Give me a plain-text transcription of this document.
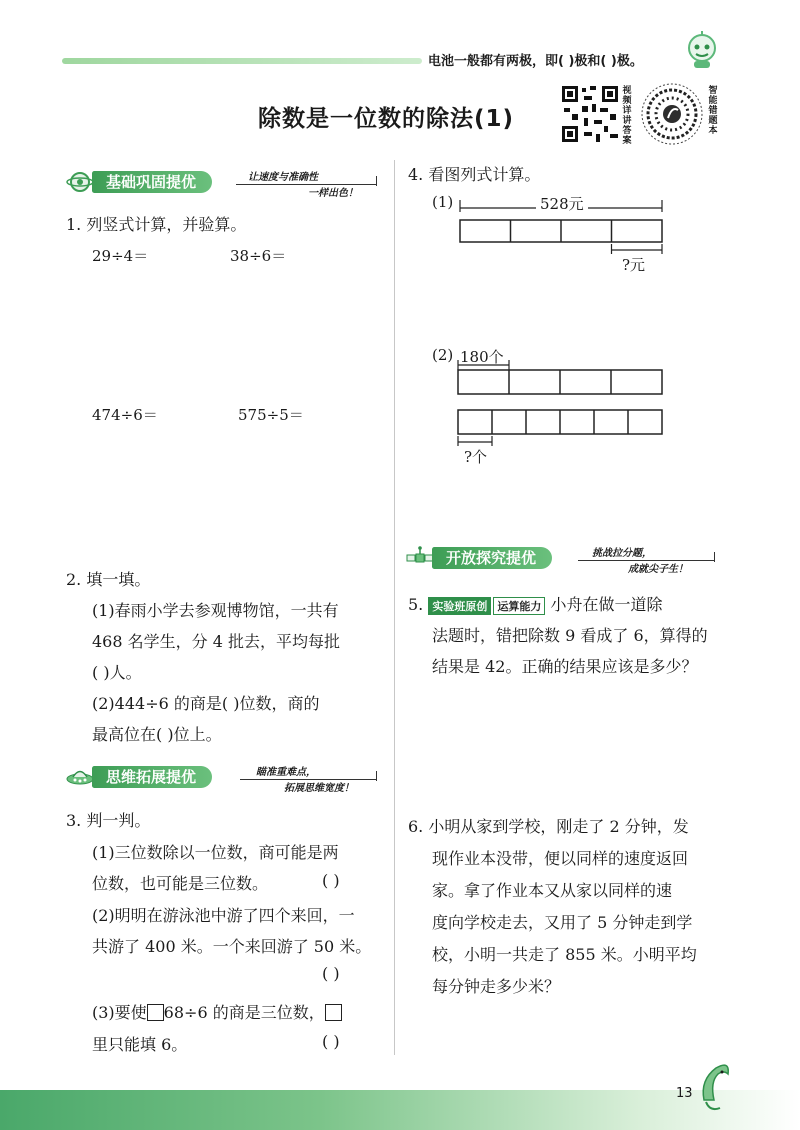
电池一般都有两极，即( )极和( )极。
除数是一位数的除法(1)
视频详讲答案
智能错题本
基础巩固提优	让速度与准确性
一样出色！
1. 列竖式计算，并验算。
29÷4＝	38÷6＝
474÷6＝	575÷5＝
2. 填一填。
(1)春雨小学去参观博物馆，一共有
468 名学生，分 4 批去，平均每批
( )人。
(2)444÷6 的商是( )位数，商的
最高位在( )位上。
思维拓展提优	瞄准重难点，
拓展思维宽度！
3. 判一判。
(1)三位数除以一位数，商可能是两
位数，也可能是三位数。	( )
(2)明明在游泳池中游了四个来回，一
共游了 400 米。一个来回游了 50 米。
( )
(3)要使 68÷6 的商是三位数，
里只能填 6。	( )
4. 看图列式计算。
(1)	528元
?元
(2) 180个
?个
开放探究提优	挑战拉分题，
成就尖子生！
5. 实验班原创 运算能力 小舟在做一道除
法题时，错把除数 9 看成了 6，算得的
结果是 42。正确的结果应该是多少？
6. 小明从家到学校，刚走了 2 分钟，发
现作业本没带，便以同样的速度返回
家。拿了作业本又从家以同样的速
度向学校走去，又用了 5 分钟走到学
校，小明一共走了 855 米。小明平均
每分钟走多少米？
13
